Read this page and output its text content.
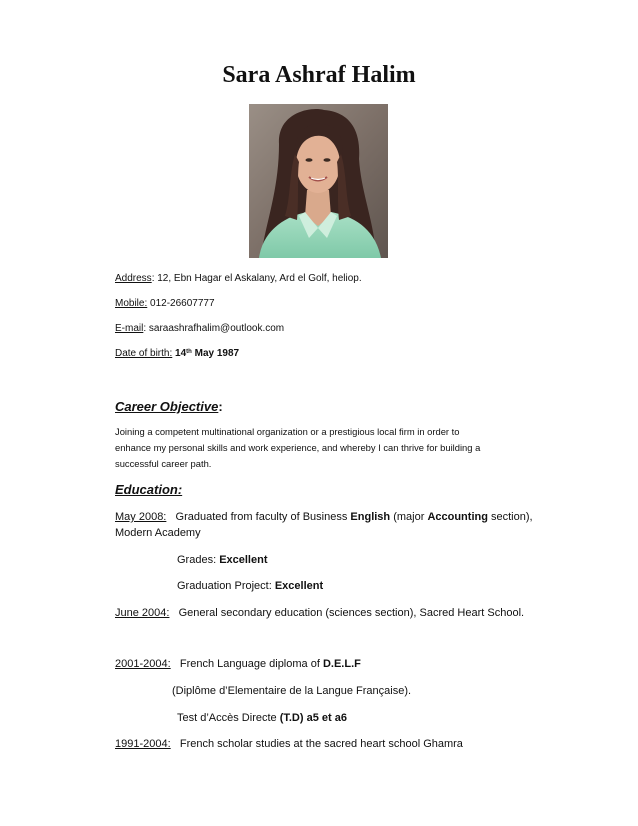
Sara Ashraf Halim
Address: 12, Ebn Hagar el Askalany, Ard el Golf, heliop.
Mobile: 012-26607777
E-mail: saraashrafhalim@outlook.com
Date of birth: 14th May 1987
Career Objective:
Joining a competent multinational organization or a prestigious local firm in order to
enhance my personal skills and work experience, and whereby I can thrive for building a
successful career path.
Education:
May 2008: Graduated from faculty of Business English (major Accounting section),
Modern Academy
Grades: Excellent
Graduation Project: Excellent
June 2004: General secondary education (sciences section), Sacred Heart School.
2001-2004: French Language diploma of D.E.L.F
(Diplôme d’Elementaire de la Langue Française).
Test d’Accès Directe (T.D) a5 et a6
1991-2004: French scholar studies at the sacred heart school Ghamra
